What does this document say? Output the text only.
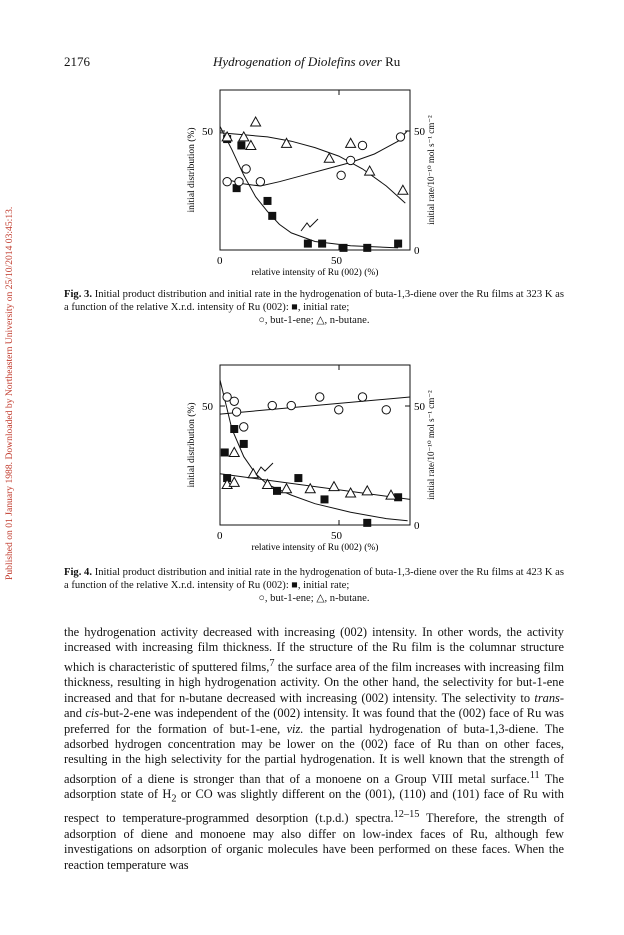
Published on 01 January 1988. Downloaded by Northeastern University on 25/10/2014 03:45:13.
2176	Hydrogenation of Diolefins over Ru
0	50
50	50
0
relative intensity of Ru (002) (%)
initial distribution (%)	initial rate/10⁻¹⁰ mol s⁻¹ cm⁻²
Fig. 3. Initial product distribution and initial rate in the hydrogenation of buta-1,3-diene over the Ru films at 323 K as a function of the relative X.r.d. intensity of Ru (002): ■, initial rate;
○, but-1-ene; △, n-butane.
0	50
50	50
0
relative intensity of Ru (002) (%)
initial distribution (%)	initial rate/10⁻¹⁰ mol s⁻¹ cm⁻²
Fig. 4. Initial product distribution and initial rate in the hydrogenation of buta-1,3-diene over the Ru films at 423 K as a function of the relative X.r.d. intensity of Ru (002): ■, initial rate;
○, but-1-ene; △, n-butane.
the hydrogenation activity decreased with increasing (002) intensity. In other words, the activity increased with increasing film thickness. If the structure of the Ru film is the columnar structure which is characteristic of sputtered films,$^7$ the surface area of the film increases with increasing film thickness, resulting in high hydrogenation activity. On the other hand, the selectivity for but-1-ene increased and that for n-butane decreased with increasing (002) intensity. The selectivity to trans- and cis-but-2-ene was independent of the (002) intensity. It was found that the (002) face of Ru was preferred for the formation of but-1-ene, viz. the partial hydrogenation of buta-1,3-diene. The adsorbed hydrogen concentration may be lower on the (002) face of Ru than on other faces, resulting in the high selectivity for the partial hydrogenation. It is well known that the strength of adsorption of a diene is stronger than that of a monoene on a Group VIII metal surface.$^{11}$ The adsorption state of $H_2$ or CO was slightly different on the (001), (110) and (101) face of Ru with respect to temperature-programmed desorption (t.p.d.) spectra.$^{12-15}$ Therefore, the strength of adsorption of diene and monoene may also differ on low-index faces of Ru, although few investigations on adsorption of organic molecules have been performed on these faces. When the reaction temperature was
